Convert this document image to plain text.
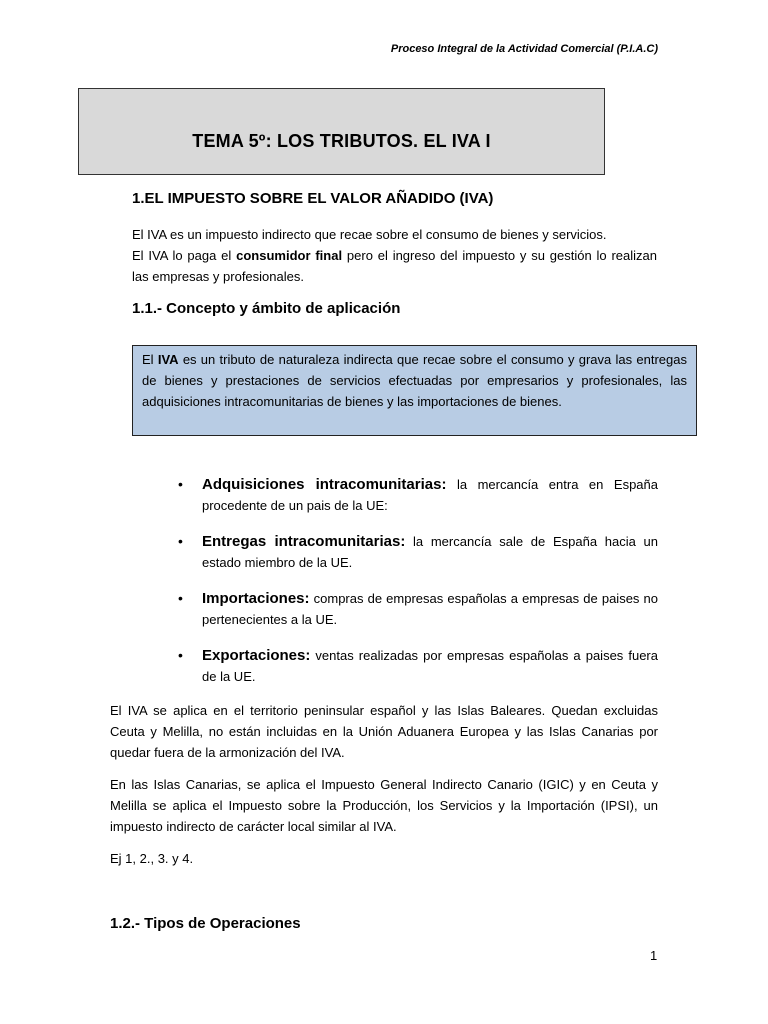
Proceso Integral de la Actividad Comercial (P.I.A.C)
TEMA 5º: LOS TRIBUTOS. EL IVA I
1.EL IMPUESTO SOBRE EL VALOR AÑADIDO (IVA)

El IVA es un impuesto indirecto que recae sobre el consumo de bienes y servicios.

El IVA lo paga el consumidor final pero el ingreso del impuesto y su gestión lo realizan las empresas y profesionales.

1.1.- Concepto y ámbito de aplicación
El IVA es un tributo de naturaleza indirecta que recae sobre el consumo y grava las entregas de bienes y prestaciones de servicios efectuadas por empresarios y profesionales, las adquisiciones intracomunitarias de bienes y las importaciones de bienes.
• Adquisiciones intracomunitarias: la mercancía entra en España procedente de un pais de la UE:
• Entregas intracomunitarias: la mercancía sale de España hacia un estado miembro de la UE.
• Importaciones: compras de empresas españolas a empresas de paises no pertenecientes a la UE.
• Exportaciones: ventas realizadas por empresas españolas a paises fuera de la UE.

El IVA se aplica en el territorio peninsular español y las Islas Baleares. Quedan excluidas Ceuta y Melilla, no están incluidas en la Unión Aduanera Europea y las Islas Canarias por quedar fuera de la armonización del IVA.

En las Islas Canarias, se aplica el Impuesto General Indirecto Canario (IGIC) y en Ceuta y Melilla se aplica el Impuesto sobre la Producción, los Servicios y la Importación (IPSI), un impuesto indirecto de carácter local similar al IVA.

Ej 1, 2., 3. y 4.

1.2.- Tipos de Operaciones
1
